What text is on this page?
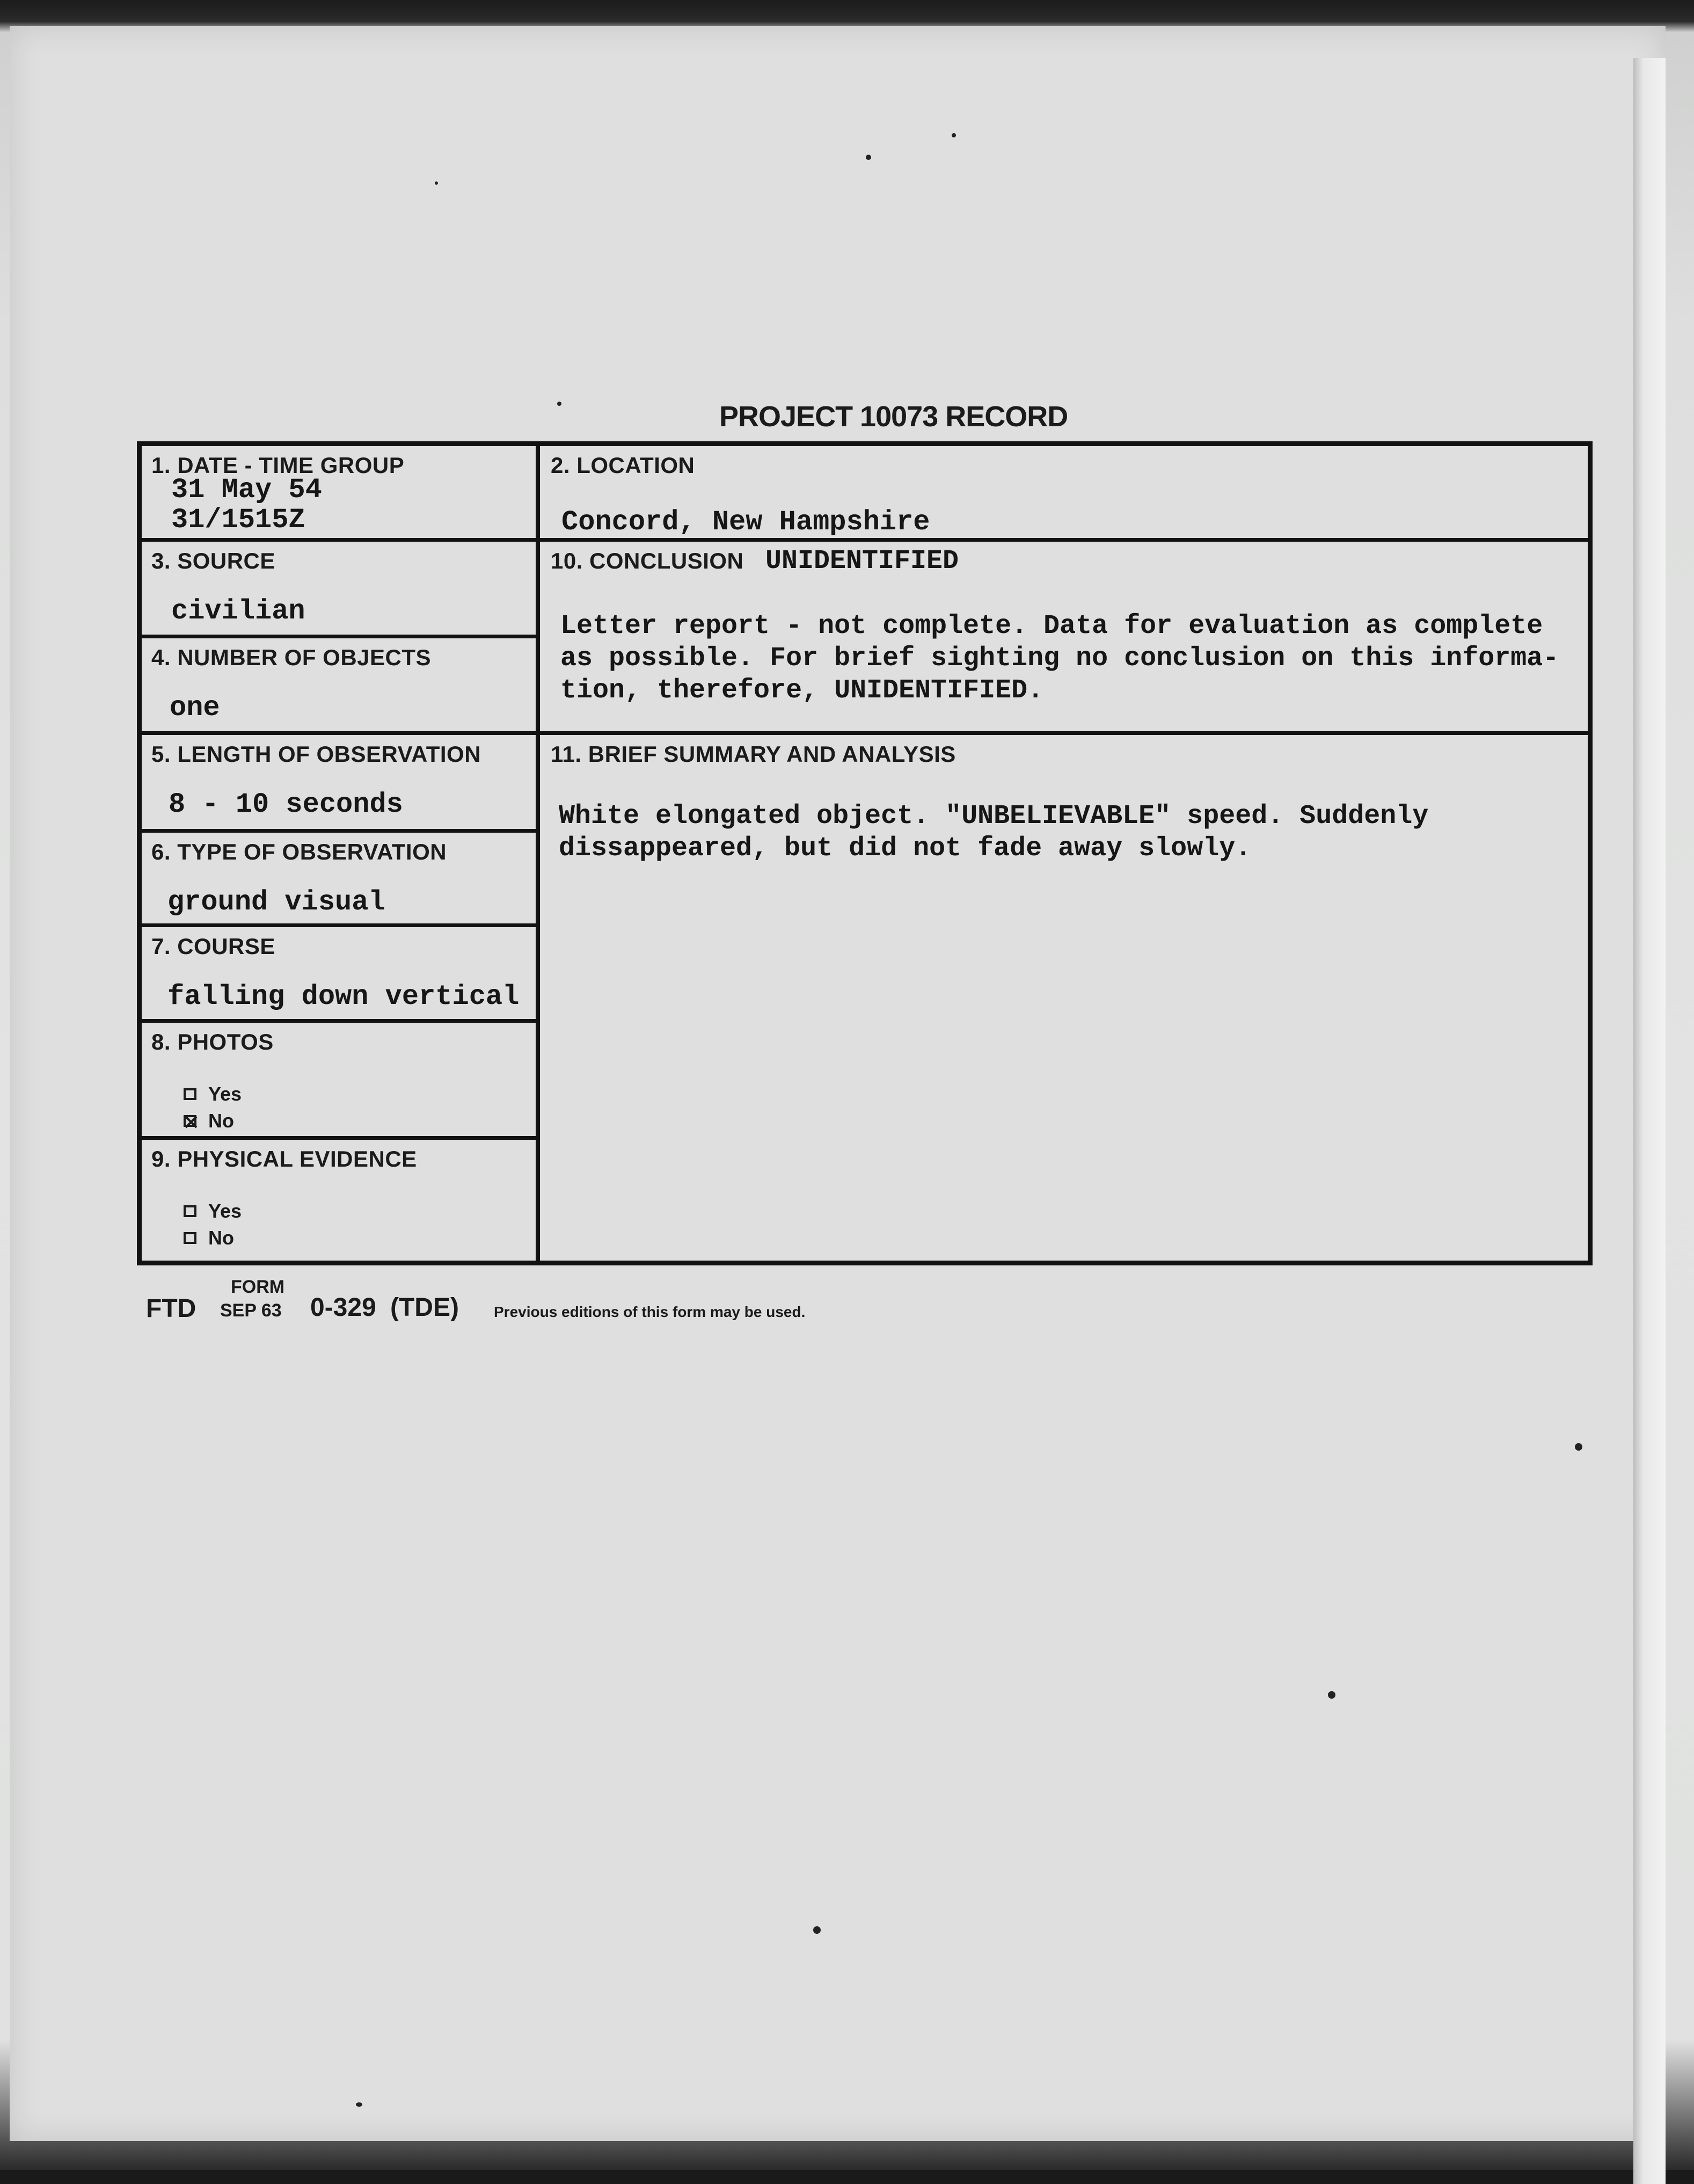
PROJECT 10073 RECORD
1. DATE - TIME GROUP
31 May 54
31/1515Z
2. LOCATION
Concord, New Hampshire
3. SOURCE
civilian
4. NUMBER OF OBJECTS
one
10. CONCLUSION UNIDENTIFIED
Letter report - not complete. Data for evaluation as complete
as possible. For brief sighting no conclusion on this informa-
tion, therefore, UNIDENTIFIED.
5. LENGTH OF OBSERVATION
8 - 10 seconds
6. TYPE OF OBSERVATION
ground visual
7. COURSE
falling down vertical
8. PHOTOS
Yes
No
9. PHYSICAL EVIDENCE
Yes
No
11. BRIEF SUMMARY AND ANALYSIS
White elongated object. "UNBELIEVABLE" speed. Suddenly
dissappeared, but did not fade away slowly.
FTD
FORM
SEP 63 0-329 (TDE) Previous editions of this form may be used.
